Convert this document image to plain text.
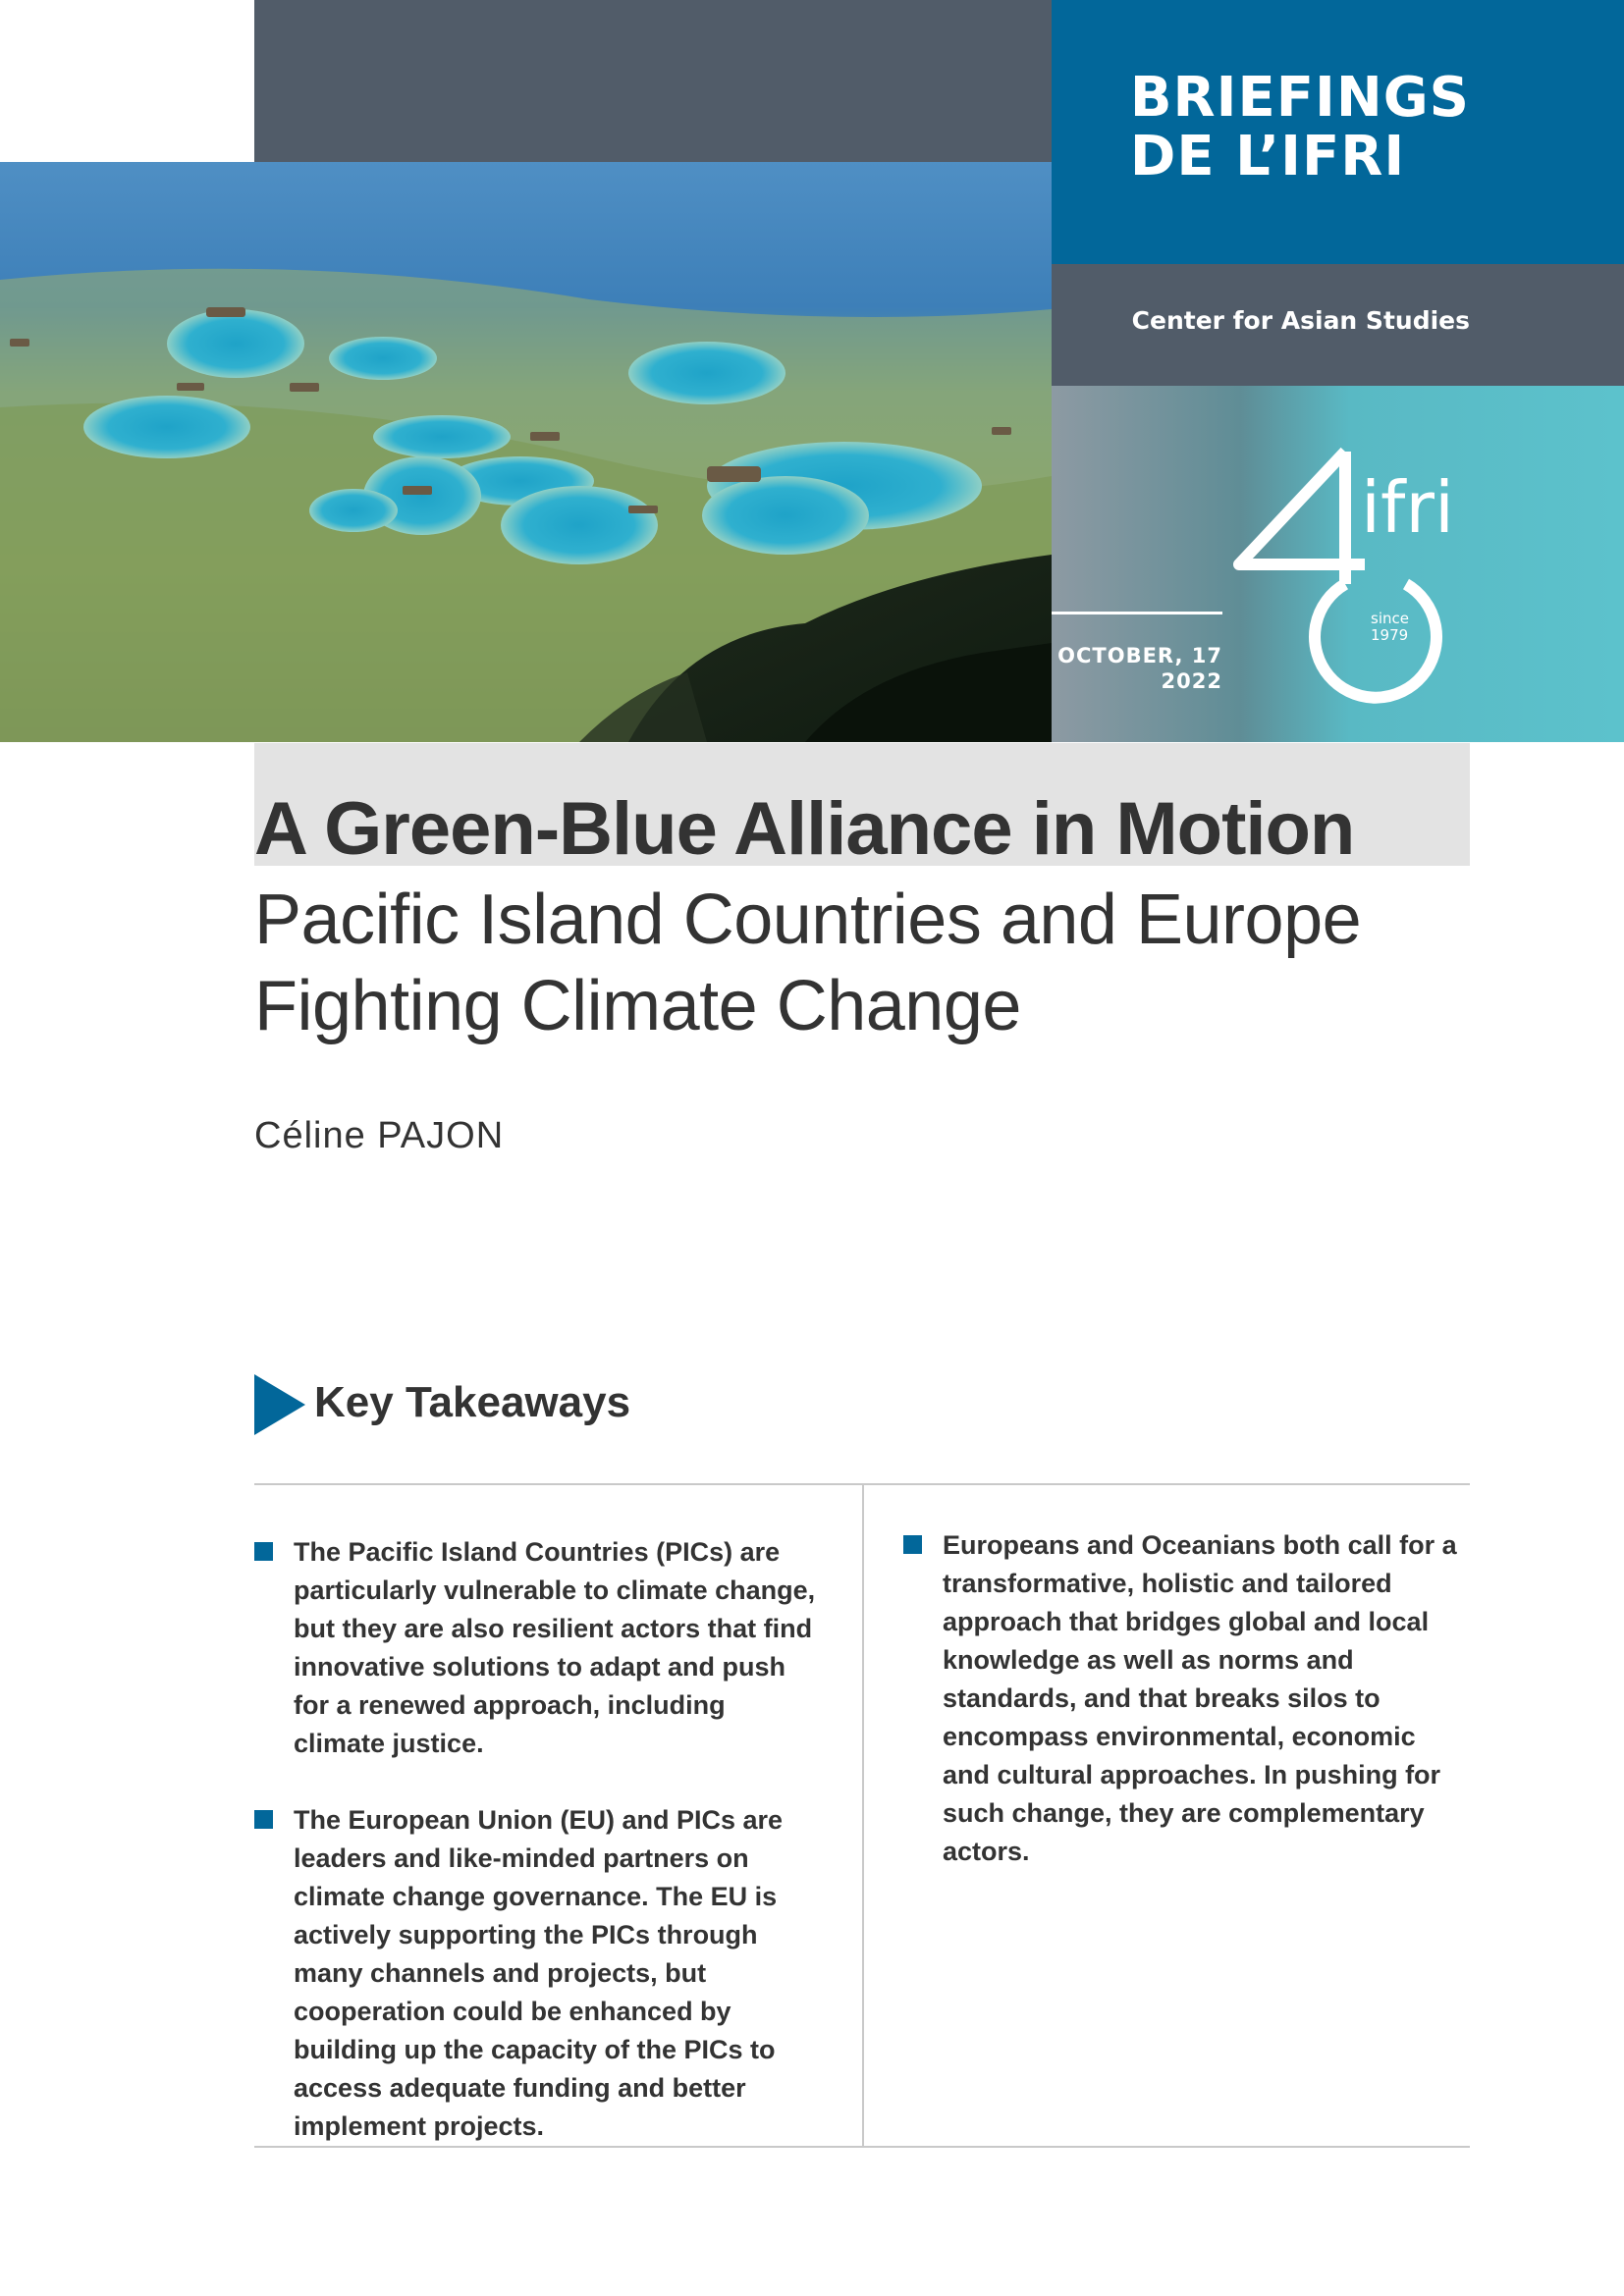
BRIEFINGS
DE L’IFRI
Center for Asian Studies
OCTOBER, 17
2022
ifri
since
1979
A Green-Blue Alliance in Motion
Pacific Island Countries and Europe
Fighting Climate Change
Céline PAJON
Key Takeaways
The Pacific Island Countries (PICs) are particularly vulnerable to climate change, but they are also resilient actors that find innovative solutions to adapt and push for a renewed approach, including climate justice.
The European Union (EU) and PICs are leaders and like-minded partners on climate change governance. The EU is actively supporting the PICs through many channels and projects, but cooperation could be enhanced by building up the capacity of the PICs to access adequate funding and better implement projects.
Europeans and Oceanians both call for a transformative, holistic and tailored approach that bridges global and local knowledge as well as norms and standards, and that breaks silos to encompass environmental, economic and cultural approaches. In pushing for such change, they are complementary actors.
